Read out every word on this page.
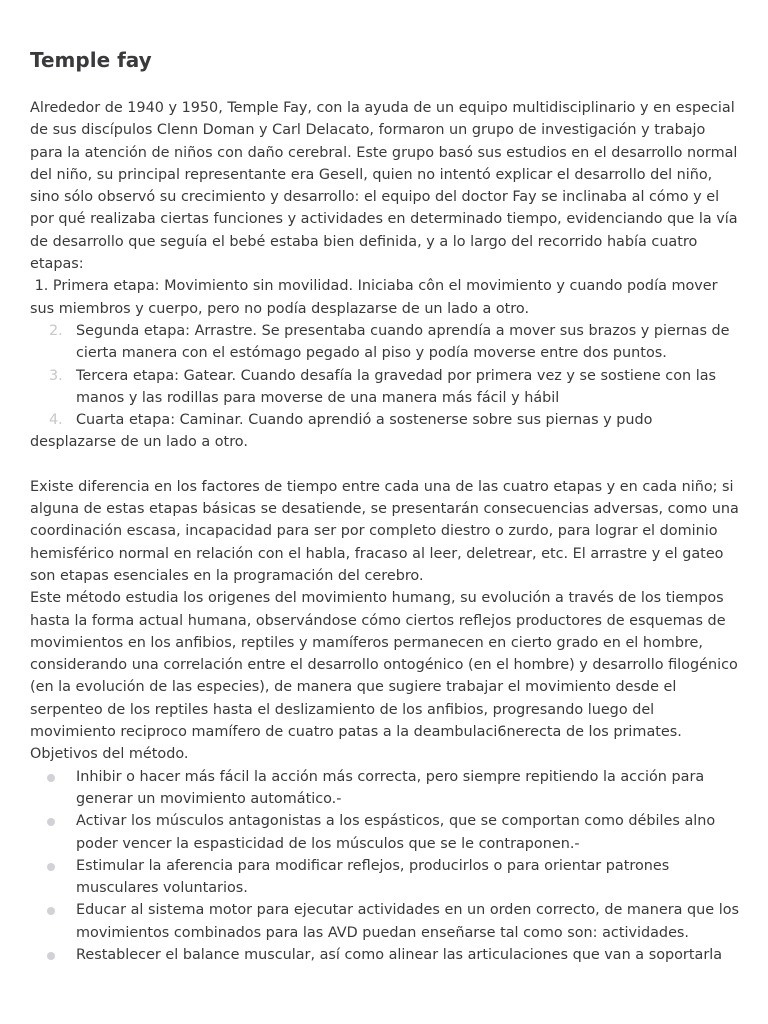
Temple fay

Alrededor de 1940 y 1950, Temple Fay, con la ayuda de un equipo multidisciplinario y en especial de sus discípulos Clenn Doman y Carl Delacato, formaron un grupo de investigación y trabajo para la atención de niños con daño cerebral. Este grupo basó sus estudios en el desarrollo normal del niño, su principal representante era Gesell, quien no intentó explicar el desarrollo del niño, sino sólo observó su crecimiento y desarrollo: el equipo del doctor Fay se inclinaba al cómo y el por qué realizaba ciertas funciones y actividades en determinado tiempo, evidenciando que la vía de desarrollo que seguía el bebé estaba bien definida, y a lo largo del recorrido había cuatro etapas:

1. Primera etapa: Movimiento sin movilidad. Iniciaba côn el movimiento y cuando podía mover sus miembros y cuerpo, pero no podía desplazarse de un lado a otro.
2. Segunda etapa: Arrastre. Se presentaba cuando aprendía a mover sus brazos y piernas de cierta manera con el estómago pegado al piso y podía moverse entre dos puntos.
3. Tercera etapa: Gatear. Cuando desafía la gravedad por primera vez y se sostiene con las manos y las rodillas para moverse de una manera más fácil y hábil
4. Cuarta etapa: Caminar. Cuando aprendió a sostenerse sobre sus piernas y pudo desplazarse de un lado a otro.

Existe diferencia en los factores de tiempo entre cada una de las cuatro etapas y en cada niño; si alguna de estas etapas básicas se desatiende, se presentarán consecuencias adversas, como una coordinación escasa, incapacidad para ser por completo diestro o zurdo, para lograr el dominio hemisférico normal en relación con el habla, fracaso al leer, deletrear, etc. El arrastre y el gateo son etapas esenciales en la programación del cerebro.

Este método estudia los origenes del movimiento humang, su evolución a través de los tiempos hasta la forma actual humana, observándose cómo ciertos reflejos productores de esquemas de movimientos en los anfibios, reptiles y mamíferos permanecen en cierto grado en el hombre, considerando una correlación entre el desarrollo ontogénico (en el hombre) y desarrollo filogénico (en la evolución de las especies), de manera que sugiere trabajar el movimiento desde el serpenteo de los reptiles hasta el deslizamiento de los anfibios, progresando luego del movimiento reciproco mamífero de cuatro patas a la deambulaci6nerecta de los primates.

Objetivos del método.

Inhibir o hacer más fácil la acción más correcta, pero siempre repitiendo la acción para generar un movimiento automático.-
Activar los músculos antagonistas a los espásticos, que se comportan como débiles alno poder vencer la espasticidad de los músculos que se le contraponen.-
Estimular la aferencia para modificar reflejos, producirlos o para orientar patrones musculares voluntarios.
Educar al sistema motor para ejecutar actividades en un orden correcto, de manera que los movimientos combinados para las AVD puedan enseñarse tal como son: actividades.
Restablecer el balance muscular, así como alinear las articulaciones que van a soportarla
